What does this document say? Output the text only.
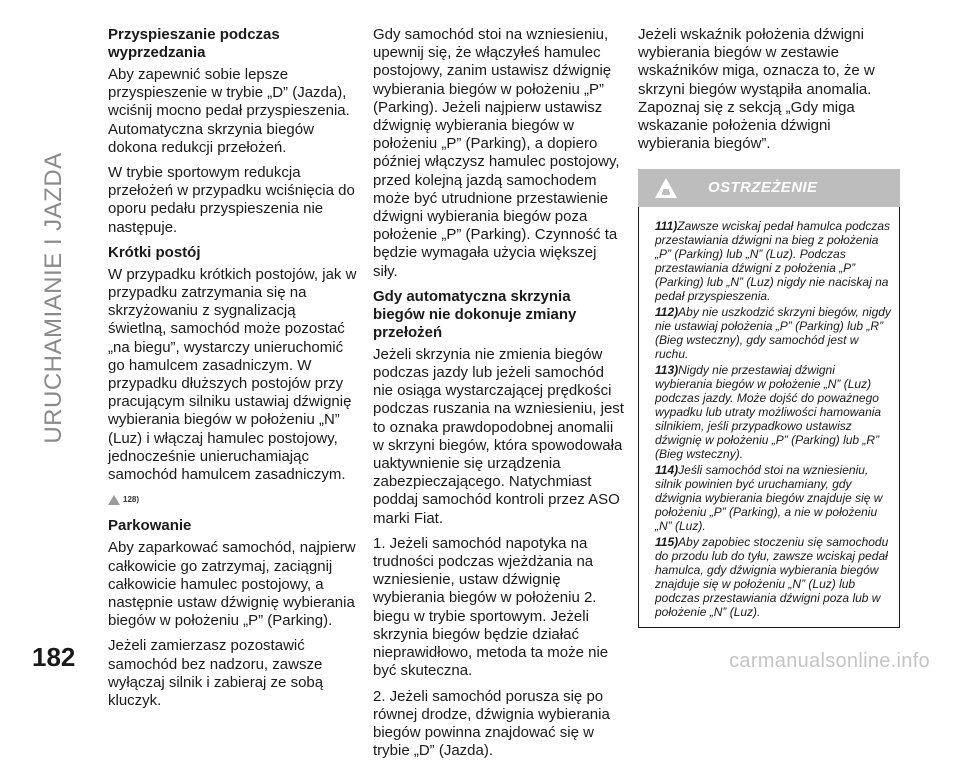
URUCHAMIANIE I JAZDA
Przyspieszanie podczas wyprzedzania

Aby zapewnić sobie lepsze przyspieszenie w trybie „D” (Jazda), wciśnij mocno pedał przyspieszenia. Automatyczna skrzynia biegów dokona redukcji przełożeń.

W trybie sportowym redukcja przełożeń w przypadku wciśnięcia do oporu pedału przyspieszenia nie następuje.

Krótki postój

W przypadku krótkich postojów, jak w przypadku zatrzymania się na skrzyżowaniu z sygnalizacją świetlną, samochód może pozostać „na biegu”, wystarczy unieruchomić go hamulcem zasadniczym. W przypadku dłuższych postojów przy pracującym silniku ustawiaj dźwignię wybierania biegów w położeniu „N” (Luz) i włączaj hamulec postojowy, jednocześnie unieruchamiając samochód hamulcem zasadniczym.

128)
Parkowanie

Aby zaparkować samochód, najpierw całkowicie go zatrzymaj, zaciągnij całkowicie hamulec postojowy, a następnie ustaw dźwignię wybierania biegów w położeniu „P” (Parking).

Jeżeli zamierzasz pozostawić samochód bez nadzoru, zawsze wyłączaj silnik i zabieraj ze sobą kluczyk.

Gdy samochód stoi na wzniesieniu, upewnij się, że włączyłeś hamulec postojowy, zanim ustawisz dźwignię wybierania biegów w położeniu „P” (Parking). Jeżeli najpierw ustawisz dźwignię wybierania biegów w położeniu „P” (Parking), a dopiero później włączysz hamulec postojowy, przed kolejną jazdą samochodem może być utrudnione przestawienie dźwigni wybierania biegów poza położenie „P” (Parking). Czynność ta będzie wymagała użycia większej siły.

Gdy automatyczna skrzynia biegów nie dokonuje zmiany przełożeń

Jeżeli skrzynia nie zmienia biegów podczas jazdy lub jeżeli samochód nie osiąga wystarczającej prędkości podczas ruszania na wzniesieniu, jest to oznaka prawdopodobnej anomalii w skrzyni biegów, która spowodowała uaktywnienie się urządzenia zabezpieczającego. Natychmiast poddaj samochód kontroli przez ASO marki Fiat.

1. Jeżeli samochód napotyka na trudności podczas wjeżdżania na wzniesienie, ustaw dźwignię wybierania biegów w położeniu 2. biegu w trybie sportowym. Jeżeli skrzynia biegów będzie działać nieprawidłowo, metoda ta może nie być skuteczna.

2. Jeżeli samochód porusza się po równej drodze, dźwignia wybierania biegów powinna znajdować się w trybie „D” (Jazda).

Jeżeli wskaźnik położenia dźwigni wybierania biegów w zestawie wskaźników miga, oznacza to, że w skrzyni biegów wystąpiła anomalia. Zapoznaj się z sekcją „Gdy miga wskazanie położenia dźwigni wybierania biegów”.

OSTRZEŻENIE

111)Zawsze wciskaj pedał hamulca podczas przestawiania dźwigni na bieg z położenia „P” (Parking) lub „N” (Luz). Podczas przestawiania dźwigni z położenia „P” (Parking) lub „N” (Luz) nigdy nie naciskaj na pedał przyspieszenia.

112)Aby nie uszkodzić skrzyni biegów, nigdy nie ustawiaj położenia „P” (Parking) lub „R” (Bieg wsteczny), gdy samochód jest w ruchu.

113)Nigdy nie przestawiaj dźwigni wybierania biegów w położenie „N” (Luz) podczas jazdy. Może dojść do poważnego wypadku lub utraty możliwości hamowania silnikiem, jeśli przypadkowo ustawisz dźwignię w położeniu „P” (Parking) lub „R” (Bieg wsteczny).

114)Jeśli samochód stoi na wzniesieniu, silnik powinien być uruchamiany, gdy dźwignia wybierania biegów znajduje się w położeniu „P” (Parking), a nie w położeniu „N” (Luz).

115)Aby zapobiec stoczeniu się samochodu do przodu lub do tyłu, zawsze wciskaj pedał hamulca, gdy dźwignia wybierania biegów znajduje się w położeniu „N” (Luz) lub podczas przestawiania dźwigni poza lub w położenie „N” (Luz).

182	carmanualsonline.info
